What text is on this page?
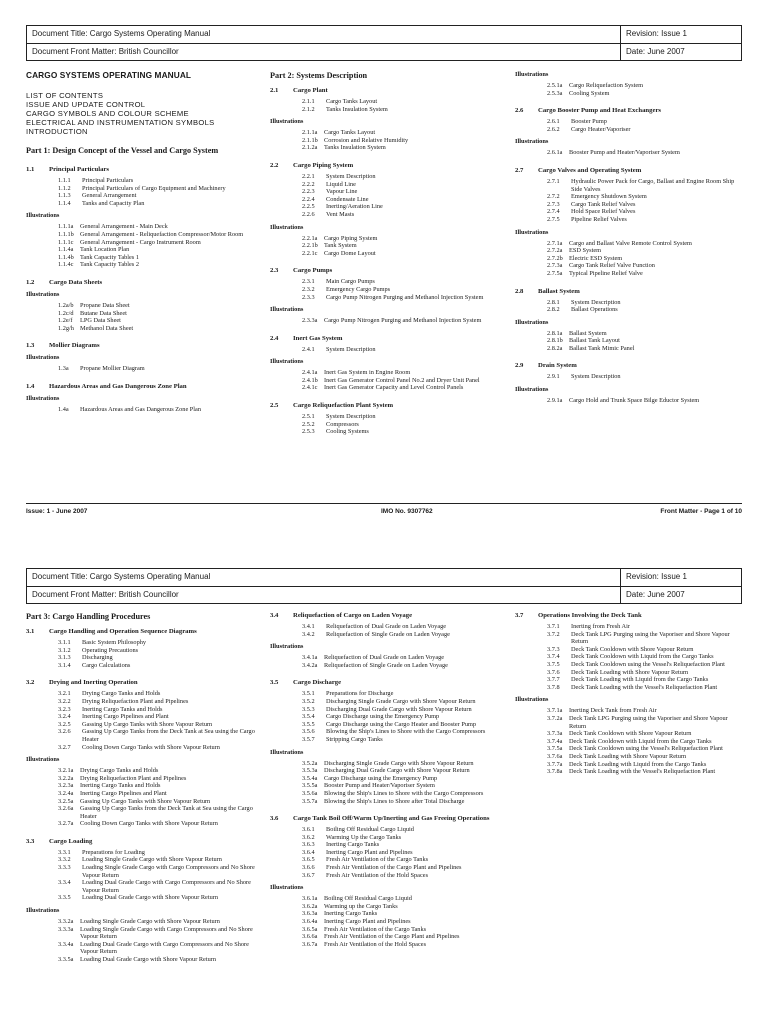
Document Title: Cargo Systems Operating Manual	Revision: Issue 1
Document Front Matter: British Councillor	Date: June 2007
CARGO SYSTEMS OPERATING MANUAL
LIST OF CONTENTS
ISSUE AND UPDATE CONTROL
CARGO SYMBOLS AND COLOUR SCHEME
ELECTRICAL AND INSTRUMENTATION SYMBOLS
INTRODUCTION
Part 1: Design Concept of the Vessel and Cargo System
1.1	Principal Particulars
1.1.1	Principal Particulars
1.1.2	Principal Particulars of Cargo Equipment and Machinery
1.1.3	General Arrangement
1.1.4	Tanks and Capacity Plan
Illustrations
1.1.1a	General Arrangement - Main Deck
1.1.1b General Arrangement - Reliquefaction Compressor/Motor Room
1.1.1c	General Arrangement - Cargo Instrument Room
1.1.4a	Tank Location Plan
1.1.4b Tank Capacity Tables 1
1.1.4c	Tank Capacity Tables 2
1.2	Cargo Data Sheets
Illustrations
1.2a/b	Propane Data Sheet
1.2c/d	Butane Data Sheet
1.2e/f	LPG Data Sheet
1.2g/h Methanol Data Sheet
1.3	Mollier Diagrams
Illustrations
1.3a	Propane Mollier Diagram
1.4	Hazardous Areas and Gas Dangerous Zone Plan
Illustrations
1.4a	Hazardous Areas and Gas Dangerous Zone Plan
Part 2: Systems Description
2.1	Cargo Plant
2.1.1	Cargo Tanks Layout
2.1.2	Tanks Insulation System
Illustrations
2.1.1a	Cargo Tanks Layout
2.1.1b Corrosion and Relative Humidity
2.1.2a	Tanks Insulation System
2.2	Cargo Piping System
2.2.1	System Description
2.2.2	Liquid Line
2.2.3	Vapour Line
2.2.4	Condensate Line
2.2.5	Inerting/Aeration Line
2.2.6	Vent Masts
Illustrations
2.2.1a	Cargo Piping System
2.2.1b Tank System
2.2.1c	Cargo Dome Layout
2.3	Cargo Pumps
2.3.1	Main Cargo Pumps
2.3.2	Emergency Cargo Pumps
2.3.3	Cargo Pump Nitrogen Purging and Methanol Injection System
Illustrations
2.3.3a	Cargo Pump Nitrogen Purging and Methanol Injection System
2.4	Inert Gas System
2.4.1	System Description
Illustrations
2.4.1a	Inert Gas System in Engine Room
2.4.1b Inert Gas Generator Control Panel No.2 and Dryer Unit Panel
2.4.1c	Inert Gas Generator Capacity and Level Control Panels
2.5	Cargo Reliquefaction Plant System
2.5.1	System Description
2.5.2	Compressors
2.5.3	Cooling Systems
Illustrations
2.5.1a	Cargo Reliquefaction System
2.5.3a	Cooling System
2.6	Cargo Booster Pump and Heat Exchangers
2.6.1	Booster Pump
2.6.2	Cargo Heater/Vaporiser
Illustrations
2.6.1a	Booster Pump and Heater/Vaporiser System
2.7	Cargo Valves and Operating System
2.7.1	Hydraulic Power Pack for Cargo, Ballast and Engine Room Ship Side Valves
2.7.2	Emergency Shutdown System
2.7.3	Cargo Tank Relief Valves
2.7.4	Hold Space Relief Valves
2.7.5	Pipeline Relief Valves
Illustrations
2.7.1a	Cargo and Ballast Valve Remote Control System
2.7.2a	ESD System
2.7.2b Electric ESD System
2.7.3a	Cargo Tank Relief Valve Function
2.7.5a	Typical Pipeline Relief Valve
2.8	Ballast System
2.8.1	System Description
2.8.2	Ballast Operations
Illustrations
2.8.1a	Ballast System
2.8.1b Ballast Tank Layout
2.8.2a	Ballast Tank Mimic Panel
2.9	Drain System
2.9.1	System Description
Illustrations
2.9.1a	Cargo Hold and Trunk Space Bilge Eductor System
Issue: 1 - June 2007	IMO No. 9307762	Front Matter - Page 1 of 10
Document Title: Cargo Systems Operating Manual	Revision: Issue 1
Document Front Matter: British Councillor	Date: June 2007
Part 3: Cargo Handling Procedures
3.1	Cargo Handling and Operation Sequence Diagrams
3.1.1	Basic System Philosophy
3.1.2	Operating Precautions
3.1.3	Discharging
3.1.4	Cargo Calculations
3.2	Drying and Inerting Operation
3.2.1	Drying Cargo Tanks and Holds
3.2.2	Drying Reliquefaction Plant and Pipelines
3.2.3	Inerting Cargo Tanks and Holds
3.2.4	Inerting Cargo Pipelines and Plant
3.2.5	Gassing Up Cargo Tanks with Shore Vapour Return
3.2.6	Gassing Up Cargo Tanks from the Deck Tank at Sea using the Cargo Heater
3.2.7	Cooling Down Cargo Tanks with Shore Vapour Return
Illustrations
3.2.1a	Drying Cargo Tanks and Holds
3.2.2a	Drying Reliquefaction Plant and Pipelines
3.2.3a	Inerting Cargo Tanks and Holds
3.2.4a	Inerting Cargo Pipelines and Plant
3.2.5a	Gassing Up Cargo Tanks with Shore Vapour Return
3.2.6a	Gassing Up Cargo Tanks from the Deck Tank at Sea using the Cargo Heater
3.2.7a	Cooling Down Cargo Tanks with Shore Vapour Return
3.3	Cargo Loading
3.3.1	Preparations for Loading
3.3.2	Loading Single Grade Cargo with Shore Vapour Return
3.3.3	Loading Single Grade Cargo with Cargo Compressors and No Shore Vapour Return
3.3.4	Loading Dual Grade Cargo with Cargo Compressors and No Shore Vapour Return
3.3.5	Loading Dual Grade Cargo with Shore Vapour Return
Illustrations
3.3.2a	Loading Single Grade Cargo with Shore Vapour Return
3.3.3a	Loading Single Grade Cargo with Cargo Compressors and No Shore Vapour Return
3.3.4a	Loading Dual Grade Cargo with Cargo Compressors and No Shore Vapour Return
3.3.5a	Loading Dual Grade Cargo with Shore Vapour Return
3.4	Reliquefaction of Cargo on Laden Voyage
3.4.1	Reliquefaction of Dual Grade on Laden Voyage
3.4.2	Reliquefaction of Single Grade on Laden Voyage
Illustrations
3.4.1a	Reliquefaction of Dual Grade on Laden Voyage
3.4.2a	Reliquefaction of Single Grade on Laden Voyage
3.5	Cargo Discharge
3.5.1	Preparations for Discharge
3.5.2	Discharging Single Grade Cargo with Shore Vapour Return
3.5.3	Discharging Dual Grade Cargo with Shore Vapour Return
3.5.4	Cargo Discharge using the Emergency Pump
3.5.5	Cargo Discharge using the Cargo Heater and Booster Pump
3.5.6	Blowing the Ship's Lines to Shore with the Cargo Compressors
3.5.7	Stripping Cargo Tanks
Illustrations
3.5.2a	Discharging Single Grade Cargo with Shore Vapour Return
3.5.3a	Discharging Dual Grade Cargo with Shore Vapour Return
3.5.4a	Cargo Discharge using the Emergency Pump
3.5.5a	Booster Pump and Heater/Vaporiser System
3.5.6a	Blowing the Ship's Lines to Shore with the Cargo Compressors
3.5.7a	Blowing the Ship's Lines to Shore after Total Discharge
3.6	Cargo Tank Boil Off/Warm Up/Inerting and Gas Freeing Operations
3.6.1	Boiling Off Residual Cargo Liquid
3.6.2	Warming Up the Cargo Tanks
3.6.3	Inerting Cargo Tanks
3.6.4	Inerting Cargo Plant and Pipelines
3.6.5	Fresh Air Ventilation of the Cargo Tanks
3.6.6	Fresh Air Ventilation of the Cargo Plant and Pipelines
3.6.7	Fresh Air Ventilation of the Hold Spaces
Illustrations
3.6.1a	Boiling Off Residual Cargo Liquid
3.6.2a	Warming up the Cargo Tanks
3.6.3a	Inerting Cargo Tanks
3.6.4a	Inerting Cargo Plant and Pipelines
3.6.5a	Fresh Air Ventilation of the Cargo Tanks
3.6.6a	Fresh Air Ventilation of the Cargo Plant and Pipelines
3.6.7a	Fresh Air Ventilation of the Hold Spaces
3.7	Operations Involving the Deck Tank
3.7.1	Inerting from Fresh Air
3.7.2	Deck Tank LPG Purging using the Vaporiser and Shore Vapour Return
3.7.3	Deck Tank Cooldown with Shore Vapour Return
3.7.4	Deck Tank Cooldown with Liquid from the Cargo Tanks
3.7.5	Deck Tank Cooldown using the Vessel's Reliquefaction Plant
3.7.6	Deck Tank Loading with Shore Vapour Return
3.7.7	Deck Tank Loading with Liquid from the Cargo Tanks
3.7.8	Deck Tank Loading with the Vessel's Reliquefaction Plant
Illustrations
3.7.1a	Inerting Deck Tank from Fresh Air
3.7.2a	Deck Tank LPG Purging using the Vaporiser and Shore Vapour Return
3.7.3a	Deck Tank Cooldown with Shore Vapour Return
3.7.4a	Deck Tank Cooldown with Liquid from the Cargo Tanks
3.7.5a	Deck Tank Cooldown using the Vessel's Reliquefaction Plant
3.7.6a	Deck Tank Loading with Shore Vapour Return
3.7.7a	Deck Tank Loading with Liquid from the Cargo Tanks
3.7.8a	Deck Tank Loading with the Vessel's Reliquefaction Plant
